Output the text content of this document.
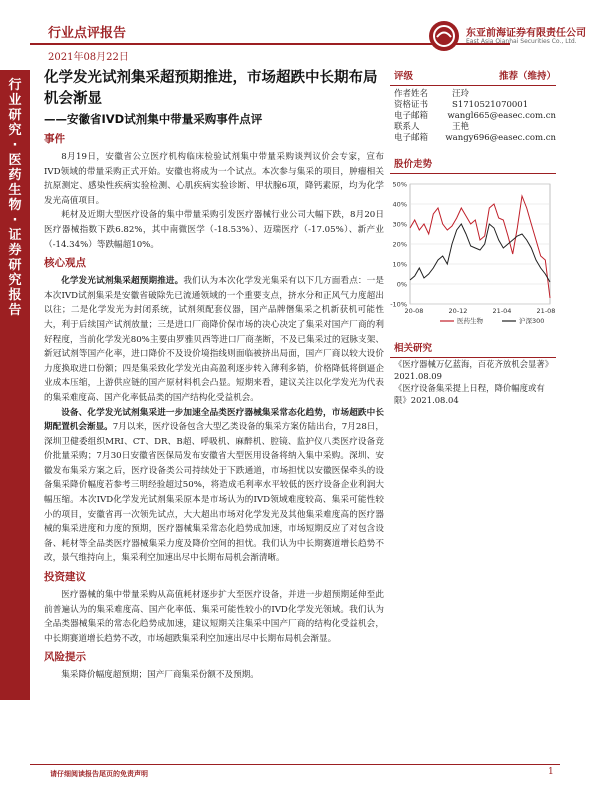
行业研究·医药生物·证券研究报告
行业点评报告
2021年08月22日
东亚前海证券有限责任公司
East Asia Qianhai Securities Co., Ltd.
化学发光试剂集采超预期推进，市场超跌中长期布局机会渐显
——安徽省IVD试剂集中带量采购事件点评
事件

8月19日，安徽省公立医疗机构临床检验试剂集中带量采购谈判议价会专家，宣布IVD领域的带量采购正式开始。安徽也将成为一个试点。本次参与集采的项目，肿瘤相关抗原测定、感染性疾病实验检测、心肌疾病实验诊断、甲状腺6项，降钙素原，均为化学发光高值项目。

耗材及近期大型医疗设备的集中带量采购引发医疗器械行业公司大幅下跌，8月20日医疗器械指数下跌6.82%，其中南微医学（-18.53%）、迈瑞医疗（-17.05%）、新产业（-14.34%）等跌幅超10%。

核心观点

化学发光试剂集采超预期推进。我们认为本次化学发光集采有以下几方面看点：一是本次IVD试剂集采是安徽省破除先已流通领域的一个重要支点，挤水分和正风气力度超出以往；二是化学发光为封闭系统，试剂须配套仪器，国产品牌僭集采之机新获机可能性大，利于后续国产试剂放量；三是进口厂商降价保市场的决心决定了集采对国产厂商的利好程度，当前化学发光80%主要由罗雅贝西等进口厂商垄断，不及已集采过的冠脉支架、新冠试剂等国产化率，进口降价不及设价境指线则面临被挤出局面，国产厂商以较大设价力度换取进口份额；四是集采致化学发光由高盈利逐步转入薄利多销，价格降低将倒逼企业成本压缩，上游供应链的国产原材料机会凸显。短期来看，建议关注以化学发光为代表的集采难度高、国产化率低品类的国产结构化受益机会。

设备、化学发光试剂集采进一步加速全品类医疗器械集采常态化趋势，市场超跌中长期配置机会渐显。7月以来，医疗设备包含大型乙类设备的集采方案仿陆出台，7月28日，深圳卫健委组织MRI、CT、DR、B超、呼吸机、麻醉机、腔镜、监护仪八类医疗设备竞价批量采购；7月30日安徽省医保局发布安徽省大型医用设备将纳入集中采购。深圳、安徽发布集采方案之后，医疗设备类公司持续处于下跌通道，市场担忧以安徽医保牵头的设备集采降价幅度若参考三明经验超过50%，将造成毛利率水平较低的医疗设备企业利润大幅压缩。本次IVD化学发光试剂集采原本是市场认为的IVD领域难度较高、集采可能性较小的项目，安徽省再一次领先试点，大大超出市场对化学发光及其他集采难度高的医疗器械的集采进度和力度的预期，医疗器械集采常态化趋势成加速，市场短期反应了对包含设备、耗材等全品类医疗器械集采力度及降价空间的担忧。我们认为中长期赛道增长趋势不改，景气维持向上，集采利空加速出尽中长期布局机会渐清晰。

投资建议

医疗器械的集中带量采购从高值耗材逐步扩大至医疗设备，并进一步超预期延伸至此前普遍认为的集采难度高、国产化率低、集采可能性较小的IVD化学发光领域。我们认为全品类器械集采的常态化趋势成加速，建议短期关注集采中国产厂商的结构化受益机会，中长期赛道增长趋势不改，市场超跌集采利空加速出尽中长期布局机会渐显。

风险提示

集采降价幅度超预期；国产厂商集采份额不及预期。

评级	推荐（维持）
作者姓名	汪玲
资格证书	S1710521070001
电子邮箱	wangl665@easec.com.cn
联系人	王艳
电子邮箱	wangy696@easec.com.cn
股价走势
-10%
0%
10%
20%
30%
40%
50%
20-08	20-12	21-04	21-08
医药生物	沪深300
相关研究
《医疗器械万亿蓝海，百花齐放机会显著》2021.08.09
《医疗设备集采提上日程，降价幅度或有限》2021.08.04
请仔细阅读报告尾页的免责声明	1
